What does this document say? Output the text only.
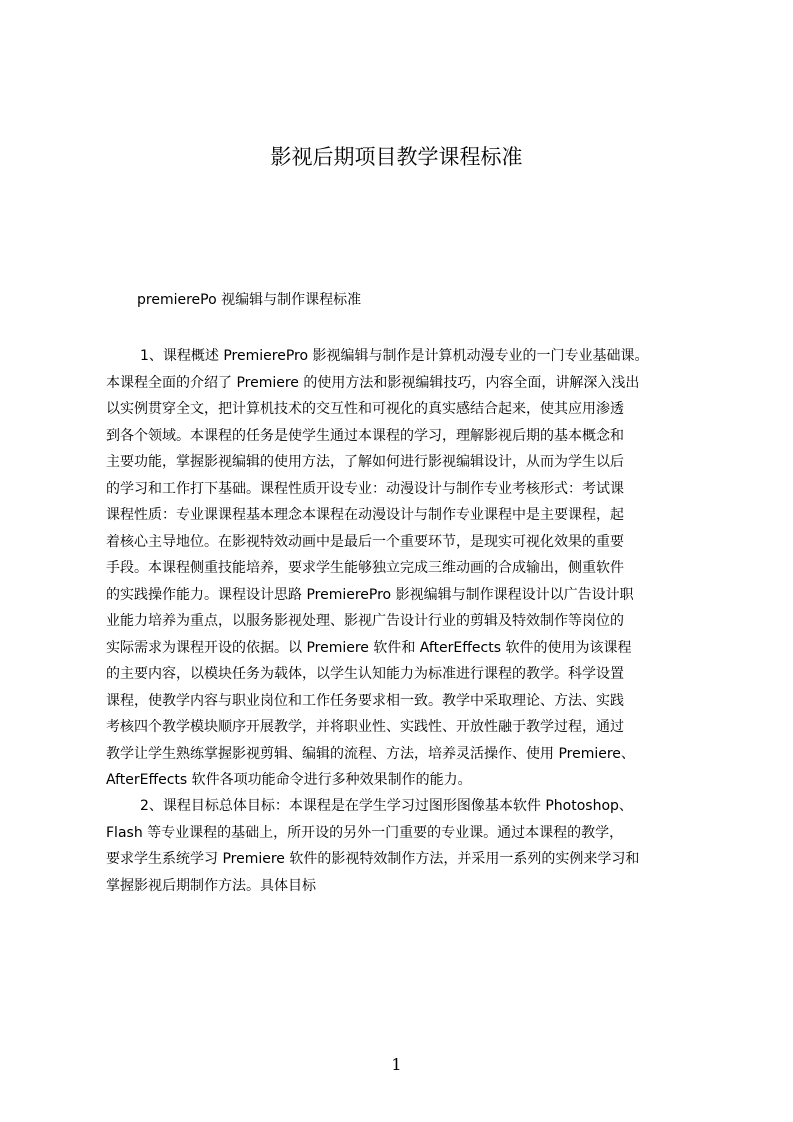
影视后期项目教学课程标准
premierePo 视编辑与制作课程标准
1、课程概述 PremierePro 影视编辑与制作是计算机动漫专业的一门专业基础课。
本课程全面的介绍了 Premiere 的使用方法和影视编辑技巧，内容全面，讲解深入浅出
以实例贯穿全文，把计算机技术的交互性和可视化的真实感结合起来，使其应用渗透
到各个领域。本课程的任务是使学生通过本课程的学习，理解影视后期的基本概念和
主要功能，掌握影视编辑的使用方法，了解如何进行影视编辑设计，从而为学生以后
的学习和工作打下基础。课程性质开设专业：动漫设计与制作专业考核形式：考试课
课程性质：专业课课程基本理念本课程在动漫设计与制作专业课程中是主要课程，起
着核心主导地位。在影视特效动画中是最后一个重要环节，是现实可视化效果的重要
手段。本课程侧重技能培养，要求学生能够独立完成三维动画的合成输出，侧重软件
的实践操作能力。课程设计思路 PremierePro 影视编辑与制作课程设计以广告设计职
业能力培养为重点，以服务影视处理、影视广告设计行业的剪辑及特效制作等岗位的
实际需求为课程开设的依据。以 Premiere 软件和 AfterEffects 软件的使用为该课程
的主要内容，以模块任务为载体，以学生认知能力为标准进行课程的教学。科学设置
课程，使教学内容与职业岗位和工作任务要求相一致。教学中采取理论、方法、实践
考核四个教学模块顺序开展教学，并将职业性、实践性、开放性融于教学过程，通过
教学让学生熟练掌握影视剪辑、编辑的流程、方法，培养灵活操作、使用 Premiere、
AfterEffects 软件各项功能命令进行多种效果制作的能力。
2、课程目标总体目标：本课程是在学生学习过图形图像基本软件 Photoshop、
Flash 等专业课程的基础上，所开设的另外一门重要的专业课。通过本课程的教学，
要求学生系统学习 Premiere 软件的影视特效制作方法，并采用一系列的实例来学习和
掌握影视后期制作方法。具体目标
1
